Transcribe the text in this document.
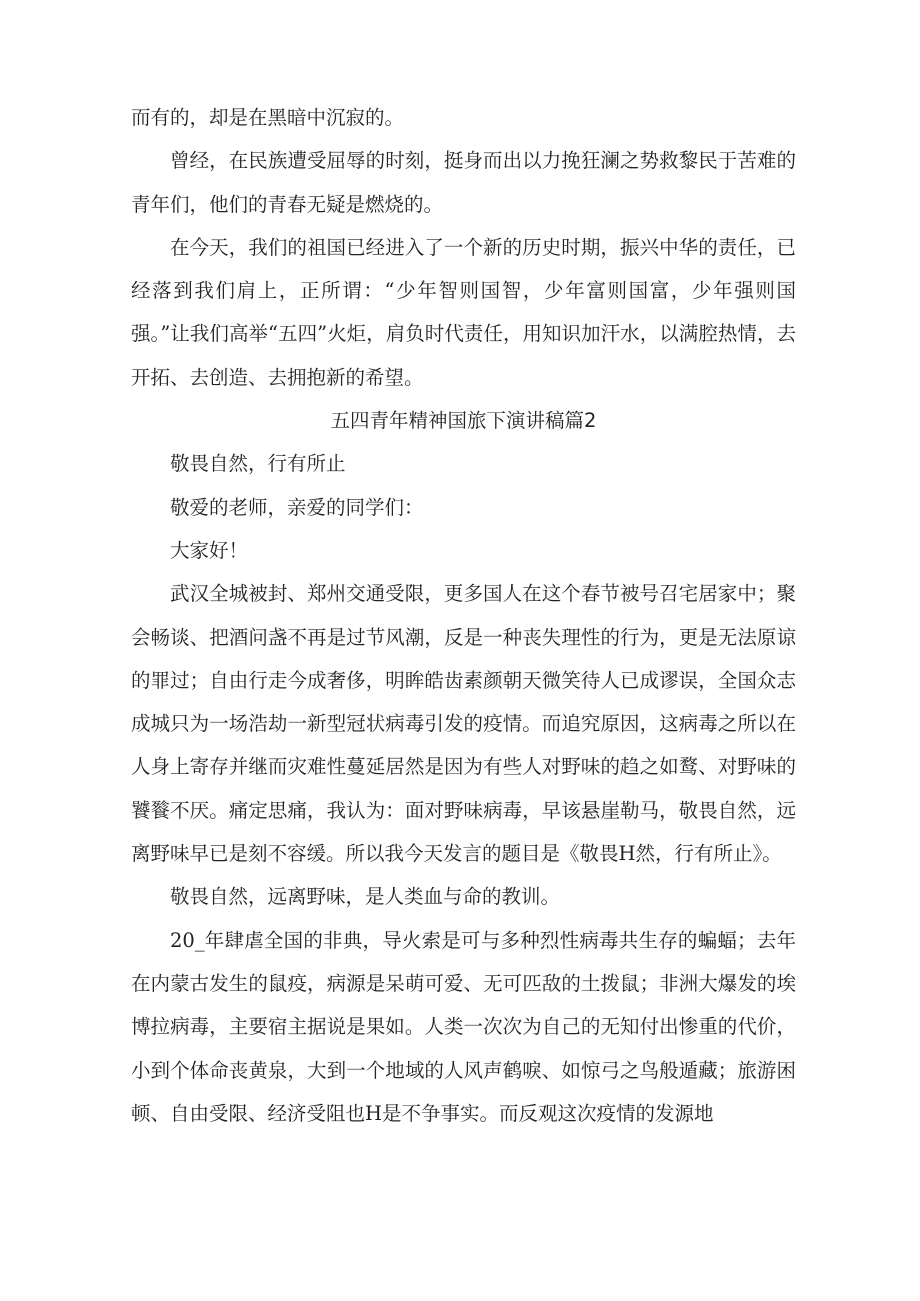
而有的，却是在黑暗中沉寂的。

曾经，在民族遭受屈辱的时刻，挺身而出以力挽狂澜之势救黎民于苦难的青年们，他们的青春无疑是燃烧的。

在今天，我们的祖国已经进入了一个新的历史时期，振兴中华的责任，已经落到我们肩上，正所谓：“少年智则国智，少年富则国富，少年强则国强。”让我们高举“五四”火炬，肩负时代责任，用知识加汗水，以满腔热情，去开拓、去创造、去拥抱新的希望。

五四青年精神国旅下演讲稿篇2

敬畏自然，行有所止

敬爱的老师，亲爱的同学们：

大家好！

武汉全城被封、郑州交通受限，更多国人在这个春节被号召宅居家中；聚会畅谈、把酒问盏不再是过节风潮，反是一种丧失理性的行为，更是无法原谅的罪过；自由行走今成奢侈，明眸皓齿素颜朝天微笑待人已成谬误，全国众志成城只为一场浩劫一新型冠状病毒引发的疫情。而追究原因，这病毒之所以在人身上寄存并继而灾难性蔓延居然是因为有些人对野味的趋之如鹜、对野味的饕餮不厌。痛定思痛，我认为：面对野味病毒，早该悬崖勒马，敬畏自然，远离野味早已是刻不容缓。所以我今天发言的题目是《敬畏H然，行有所止》。

敬畏自然，远离野味，是人类血与命的教训。

20_年肆虐全国的非典，导火索是可与多种烈性病毒共生存的蝙蝠；去年在内蒙古发生的鼠疫，病源是呆萌可爱、无可匹敌的土拨鼠；非洲大爆发的埃博拉病毒，主要宿主据说是果如。人类一次次为自己的无知付出惨重的代价，小到个体命丧黄泉，大到一个地域的人风声鹤唳、如惊弓之鸟般遁藏；旅游困顿、自由受限、经济受阻也H是不争事实。而反观这次疫情的发源地
